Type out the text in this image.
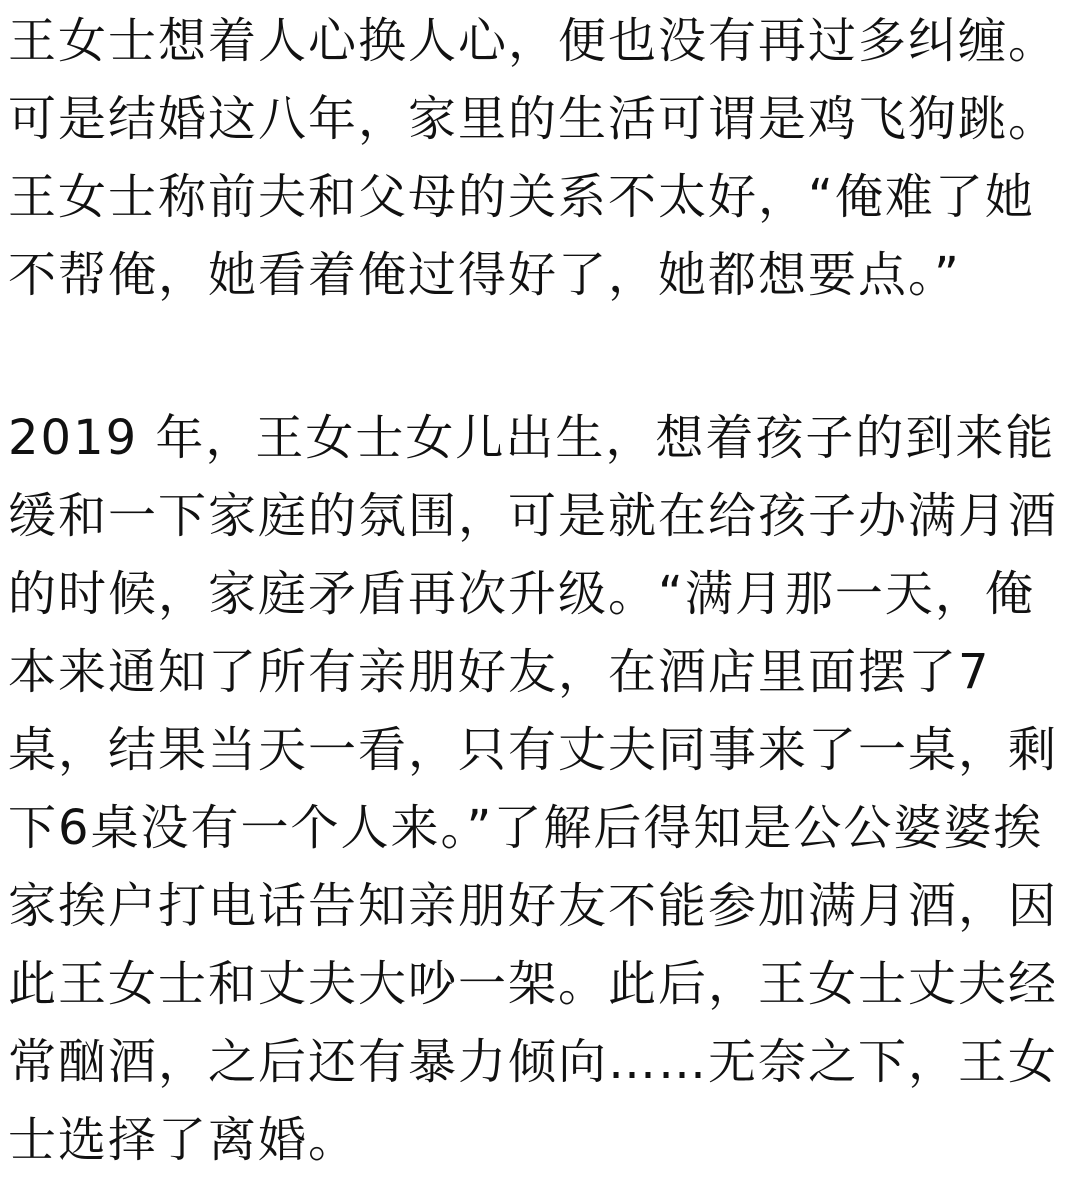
王女士想着人心换人心，便也没有再过多纠缠。可是结婚这八年，家里的生活可谓是鸡飞狗跳。王女士称前夫和父母的关系不太好，“俺难了她不帮俺，她看着俺过得好了，她都想要点。”

2019 年，王女士女儿出生，想着孩子的到来能缓和一下家庭的氛围，可是就在给孩子办满月酒的时候，家庭矛盾再次升级。“满月那一天，俺本来通知了所有亲朋好友，在酒店里面摆了7桌，结果当天一看，只有丈夫同事来了一桌，剩下6桌没有一个人来。”了解后得知是公公婆婆挨家挨户打电话告知亲朋好友不能参加满月酒，因此王女士和丈夫大吵一架。此后，王女士丈夫经常酗酒，之后还有暴力倾向……无奈之下，王女士选择了离婚。
